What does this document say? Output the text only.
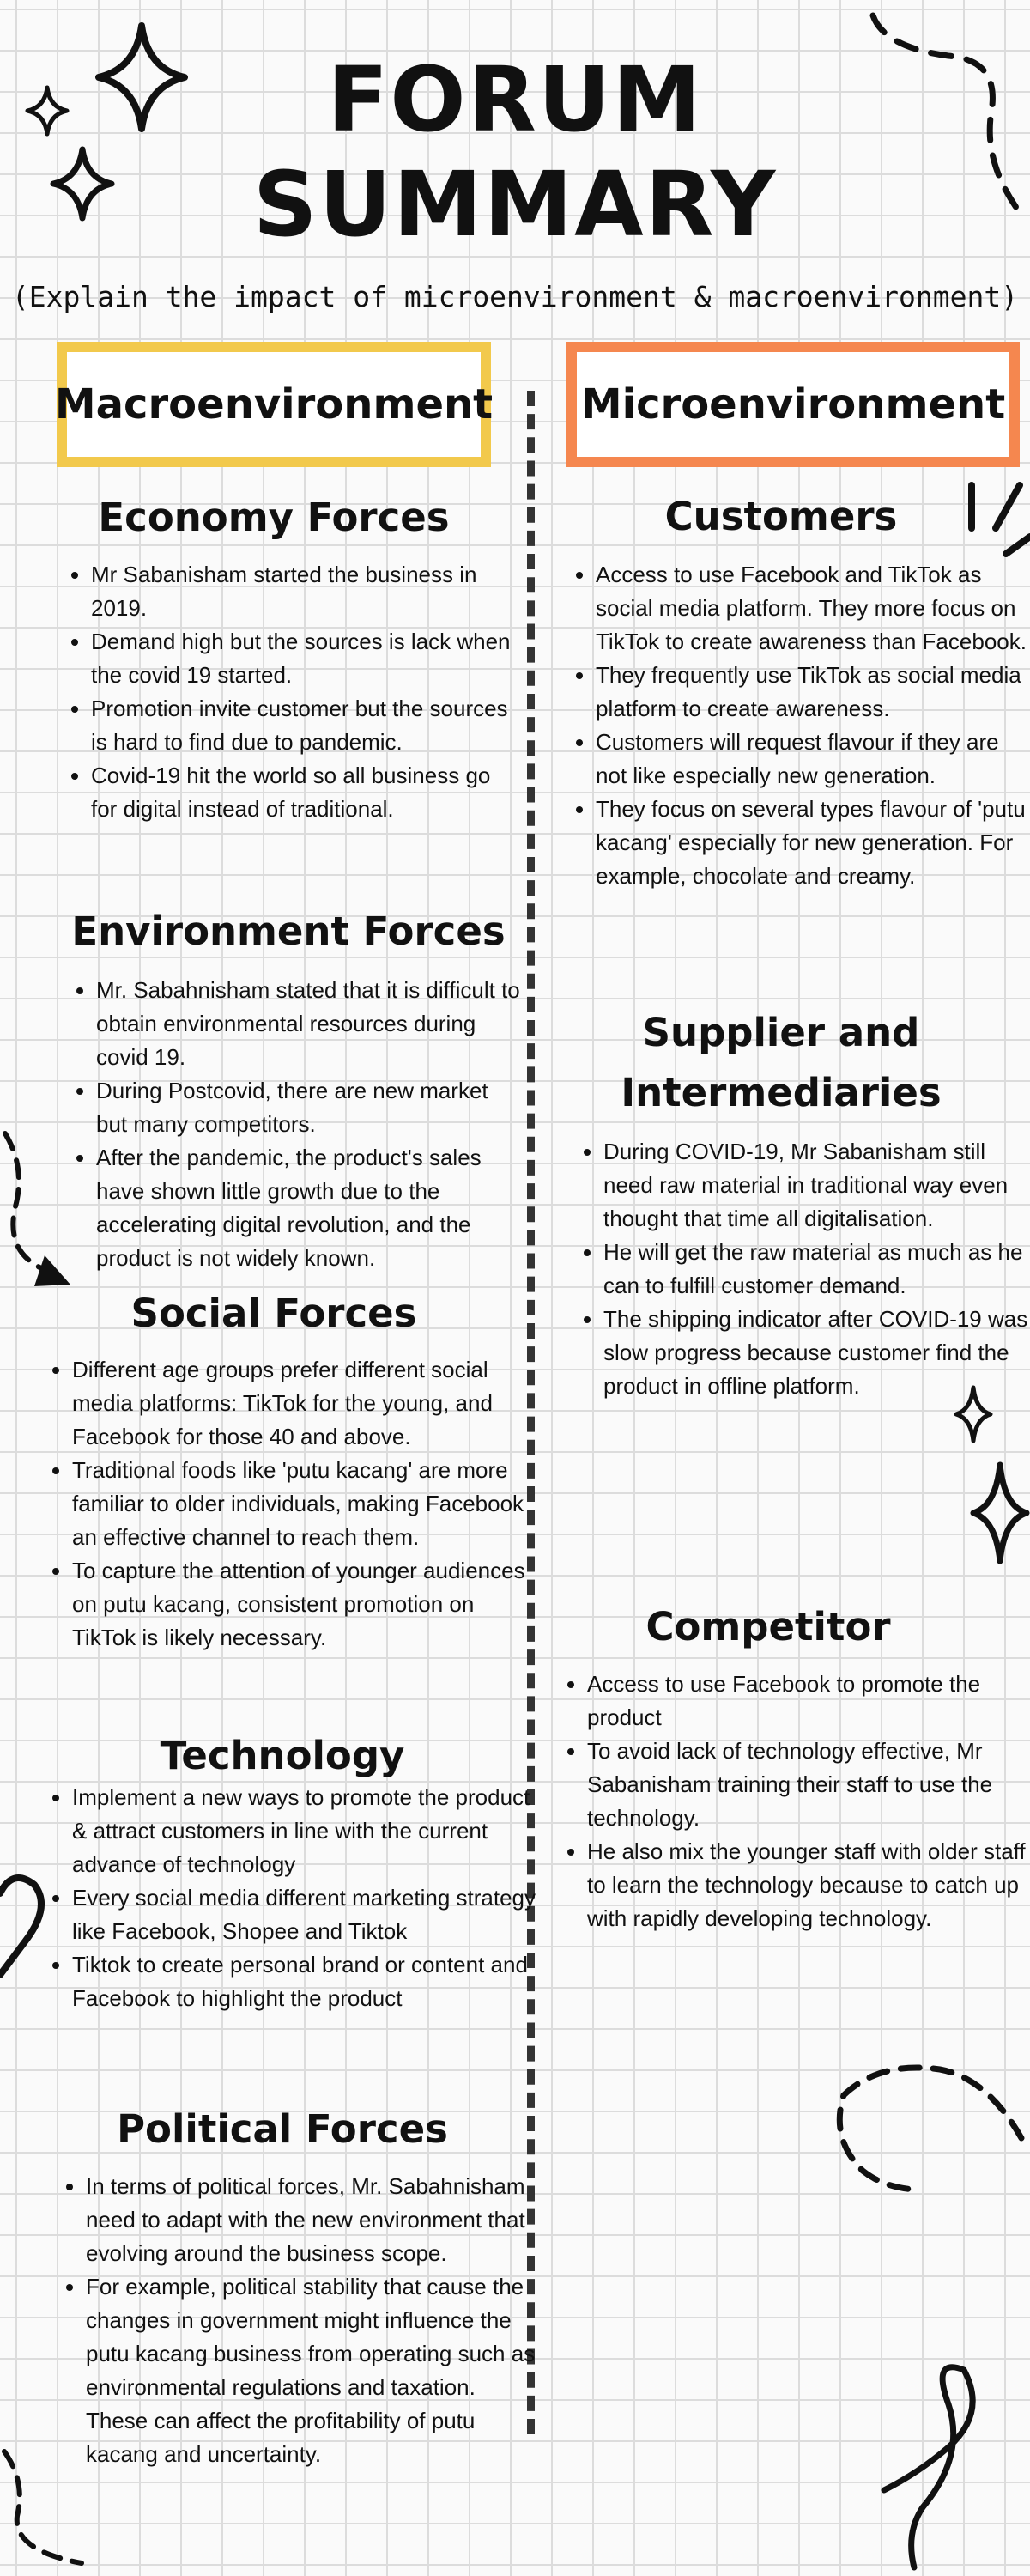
FORUM
SUMMARY
(Explain the impact of microenvironment & macroenvironment)
Macroenvironment Microenvironment
Economy Forces
• Mr Sabanisham started the business in 2019.
• Demand high but the sources is lack when the covid 19 started.
• Promotion invite customer but the sources is hard to find due to pandemic.
• Covid-19 hit the world so all business go for digital instead of traditional.
Environment Forces
• Mr. Sabahnisham stated that it is difficult to obtain environmental resources during covid 19.
• During Postcovid, there are new market but many competitors.
• After the pandemic, the product's sales have shown little growth due to the accelerating digital revolution, and the product is not widely known.
Social Forces
• Different age groups prefer different social media platforms: TikTok for the young, and Facebook for those 40 and above.
• Traditional foods like 'putu kacang' are more familiar to older individuals, making Facebook an effective channel to reach them.
• To capture the attention of younger audiences on putu kacang, consistent promotion on TikTok is likely necessary.
Technology
• Implement a new ways to promote the product & attract customers in line with the current advance of technology
• Every social media different marketing strategy like Facebook, Shopee and Tiktok
• Tiktok to create personal brand or content and Facebook to highlight the product
Political Forces
• In terms of political forces, Mr. Sabahnisham need to adapt with the new environment that evolving around the business scope.
• For example, political stability that cause the changes in government might influence the putu kacang business from operating such as environmental regulations and taxation. These can affect the profitability of putu kacang and uncertainty.
Customers
• Access to use Facebook and TikTok as social media platform. They more focus on TikTok to create awareness than Facebook.
• They frequently use TikTok as social media platform to create awareness.
• Customers will request flavour if they are not like especially new generation.
• They focus on several types flavour of 'putu kacang' especially for new generation. For example, chocolate and creamy.
Supplier and
Intermediaries
• During COVID-19, Mr Sabanisham still need raw material in traditional way even thought that time all digitalisation.
• He will get the raw material as much as he can to fulfill customer demand.
• The shipping indicator after COVID-19 was slow progress because customer find the product in offline platform.
Competitor
• Access to use Facebook to promote the product
• To avoid lack of technology effective, Mr Sabanisham training their staff to use the technology.
• He also mix the younger staff with older staff to learn the technology because to catch up with rapidly developing technology.
